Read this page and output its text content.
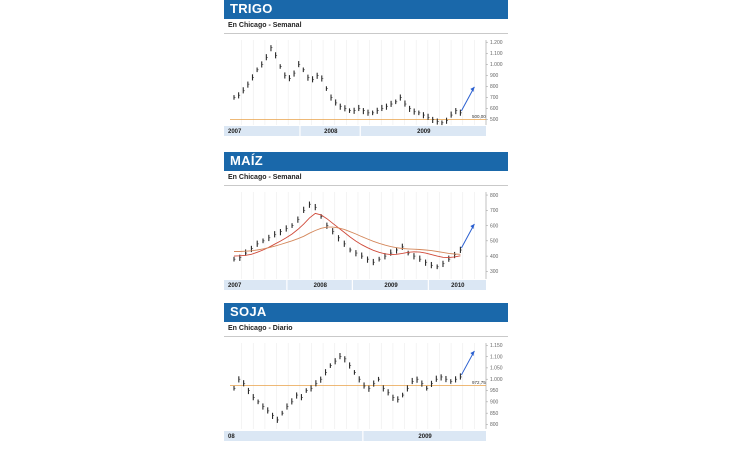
TRIGO
En Chicago - Semanal
1.200
1.100
1.000
900
800
700
600
500
500,00
2007	2008	2009
MAÍZ
En Chicago - Semanal
800
700
600
500
400
300
2007	2008	2009	2010
SOJA
En Chicago - Diario
1.150
1.100
1.050
1.000
950
900
850
800
972,75
08	2009
